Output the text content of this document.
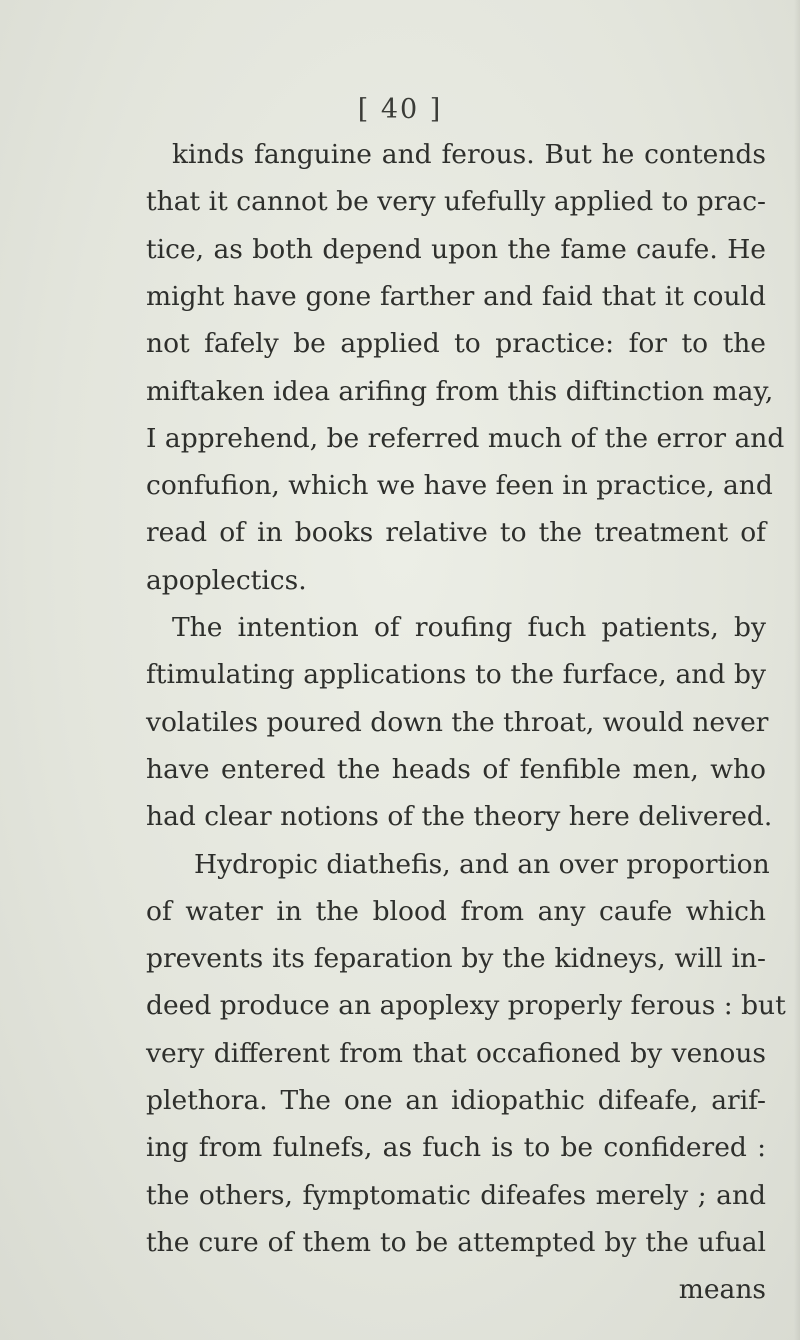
[ 40 ]
kinds fanguine and ferous. But he contends
that it cannot be very ufefully applied to prac-
tice, as both depend upon the fame caufe. He
might have gone farther and faid that it could
not fafely be applied to practice: for to the
miftaken idea arifing from this diftinction may,
I apprehend, be referred much of the error and
confufion, which we have feen in practice, and
read of in books relative to the treatment of
apoplectics.
The intention of roufing fuch patients, by
ftimulating applications to the furface, and by
volatiles poured down the throat, would never
have entered the heads of fenfible men, who
had clear notions of the theory here delivered.
Hydropic diathefis, and an over proportion
of water in the blood from any caufe which
prevents its feparation by the kidneys, will in-
deed produce an apoplexy properly ferous : but
very different from that occafioned by venous
plethora. The one an idiopathic difeafe, arif-
ing from fulnefs, as fuch is to be confidered :
the others, fymptomatic difeafes merely ; and
the cure of them to be attempted by the ufual
means
